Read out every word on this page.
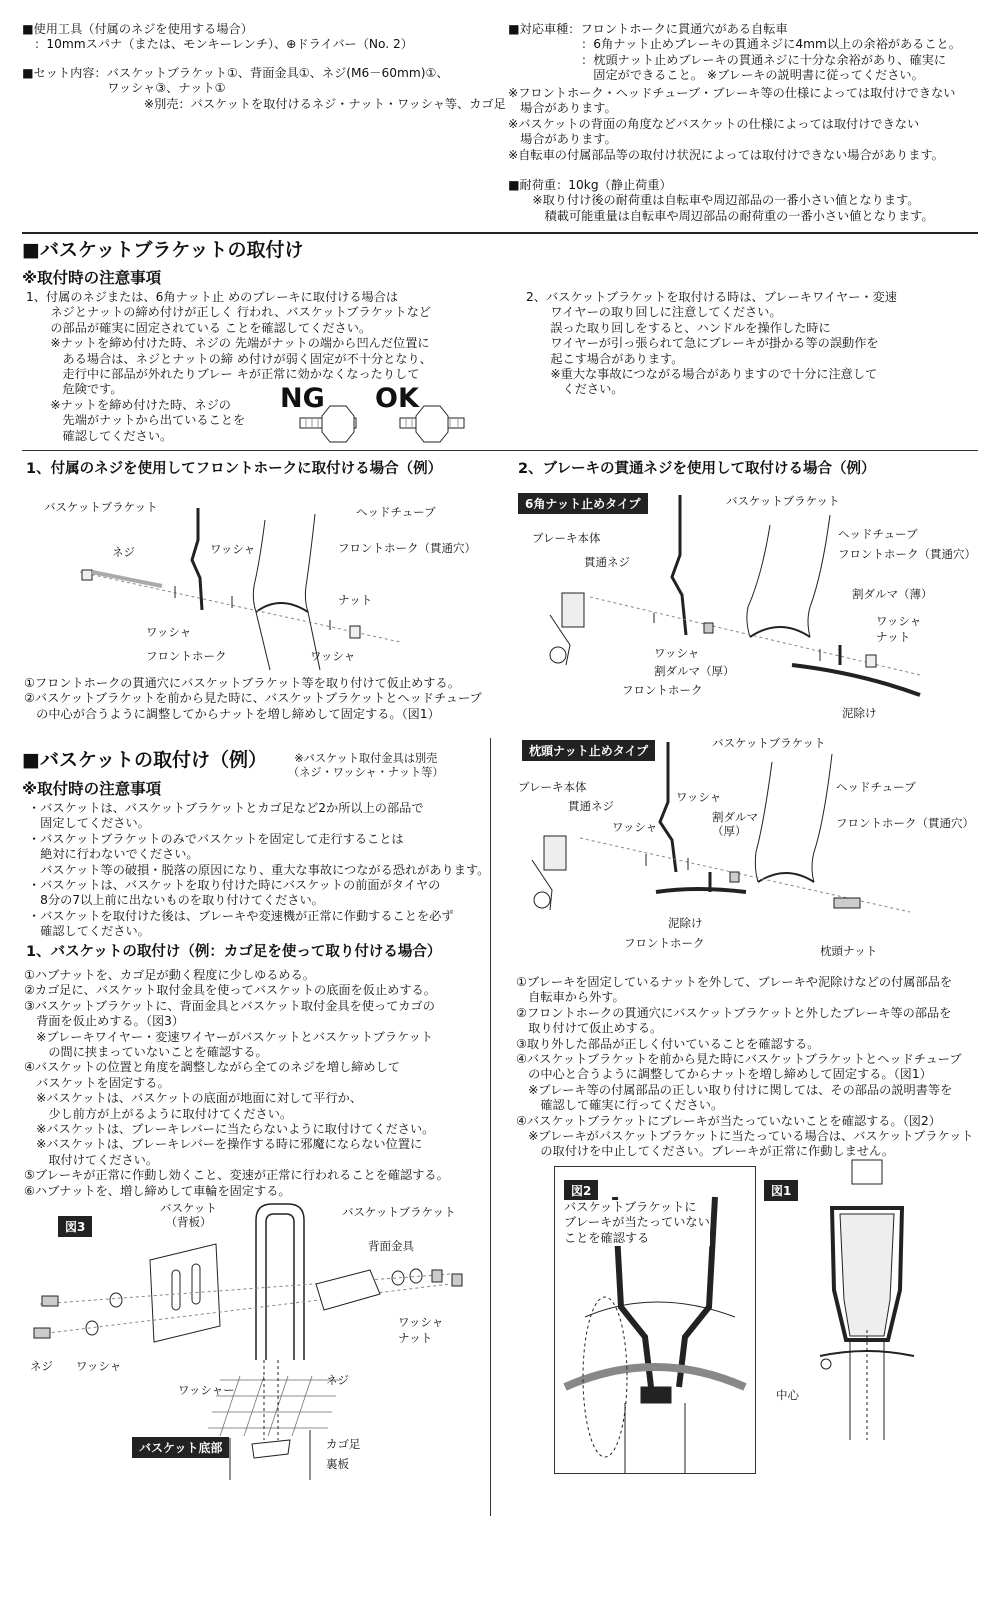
■使用工具（付属のネジを使用する場合）
　：10mmスパナ（または、モンキーレンチ）、⊕ドライバー（No. 2）
■セット内容：バスケットブラケット①、背面金具①、ネジ(M6－60mm)①、
　　　　　　　ワッシャ③、ナット①
　　　　　　　　　　※別売：バスケットを取付けるネジ・ナット・ワッシャ等、カゴ足
■対応車種：フロントホークに貫通穴がある自転車
　　　　　　：6角ナット止めブレーキの貫通ネジに4mm以上の余裕があること。
　　　　　　：枕頭ナット止めブレーキの貫通ネジに十分な余裕があり、確実に
　　　　　　　固定ができること。 ※ブレーキの説明書に従ってください。
※フロントホーク・ヘッドチューブ・ブレーキ等の仕様によっては取付けできない
　場合があります。
※バスケットの背面の角度などバスケットの仕様によっては取付けできない
　場合があります。
※自転車の付属部品等の取付け状況によっては取付けできない場合があります。
■耐荷重：10kg（静止荷重）
　　※取り付け後の耐荷重は自転車や周辺部品の一番小さい値となります。
　　　積載可能重量は自転車や周辺部品の耐荷重の一番小さい値となります。
■バスケットブラケットの取付け
※取付時の注意事項
1、付属のネジまたは、6角ナット止 めのブレーキに取付ける場合は
　　ネジとナットの締め付けが正しく 行われ、バスケットブラケットなど
　　の部品が確実に固定されている ことを確認してください。
　　※ナットを締め付けた時、ネジの 先端がナットの端から凹んだ位置に
　　　ある場合は、ネジとナットの締 め付けが弱く固定が不十分となり、
　　　走行中に部品が外れたりブレー キが正常に効かなくなったりして
　　　危険です。
　　※ナットを締め付けた時、ネジの
　　　先端がナットから出ていることを
　　　確認してください。
2、バスケットブラケットを取付ける時は、ブレーキワイヤー・変速
　　ワイヤーの取り回しに注意してください。
　　誤った取り回しをすると、ハンドルを操作した時に
　　ワイヤーが引っ張られて急にブレーキが掛かる等の誤動作を
　　起こす場合があります。
　　※重大な事故につながる場合がありますので十分に注意して
　　　ください。
NG OK
1、付属のネジを使用してフロントホークに取付ける場合（例）
バスケットブラケット	ヘッドチューブ
ネジ	ワッシャ	フロントホーク（貫通穴）
ナット
ワッシャ
フロントホーク	ワッシャ
①フロントホークの貫通穴にバスケットブラケット等を取り付けて仮止めする。
②バスケットブラケットを前から見た時に、バスケットブラケットとヘッドチューブ
　の中心が合うように調整してからナットを増し締めして固定する。（図1）
2、ブレーキの貫通ネジを使用して取付ける場合（例）
6角ナット止めタイプ	バスケットブラケット
ブレーキ本体	ヘッドチューブ
貫通ネジ
フロントホーク（貫通穴）
割ダルマ（薄）
ワッシャ
ナット
ワッシャ
割ダルマ（厚）
フロントホーク
泥除け
枕頭ナット止めタイプ
バスケットブラケット
ブレーキ本体	ヘッドチューブ
ワッシャ
貫通ネジ
割ダルマ
（厚）
ワッシャ	フロントホーク（貫通穴）
泥除け
フロントホーク
枕頭ナット
①ブレーキを固定しているナットを外して、ブレーキや泥除けなどの付属部品を
　自転車から外す。
②フロントホークの貫通穴にバスケットブラケットと外したブレーキ等の部品を
　取り付けて仮止めする。
③取り外した部品が正しく付いていることを確認する。
④バスケットブラケットを前から見た時にバスケットブラケットとヘッドチューブ
　の中心と合うように調整してからナットを増し締めして固定する。（図1）
　※ブレーキ等の付属部品の正しい取り付けに関しては、その部品の説明書等を
　　確認して確実に行ってください。
④バスケットブラケットにブレーキが当たっていないことを確認する。（図2）
　※ブレーキがバスケットブラケットに当たっている場合は、バスケットブラケット
　　の取付けを中止してください。ブレーキが正常に作動しません。
図2
バスケットブラケットに
ブレーキが当たっていない
ことを確認する
図1
中心
■バスケットの取付け（例）	※バスケット取付金具は別売
（ネジ・ワッシャ・ナット等）
※取付時の注意事項
・バスケットは、バスケットブラケットとカゴ足など2か所以上の部品で
　固定してください。
・バスケットブラケットのみでバスケットを固定して走行することは
　絶対に行わないでください。
　バスケット等の破損・脱落の原因になり、重大な事故につながる恐れがあります。
・バスケットは、バスケットを取り付けた時にバスケットの前面がタイヤの
　8分の7以上前に出ないものを取り付けてください。
・バスケットを取付けた後は、ブレーキや変速機が正常に作動することを必ず
　確認してください。
1、バスケットの取付け（例：カゴ足を使って取り付ける場合）
①ハブナットを、カゴ足が動く程度に少しゆるめる。
②カゴ足に、バスケット取付金具を使ってバスケットの底面を仮止めする。
③バスケットブラケットに、背面金具とバスケット取付金具を使ってカゴの
　背面を仮止めする。（図3）
　※ブレーキワイヤー・変速ワイヤーがバスケットとバスケットブラケット
　　の間に挟まっていないことを確認する。
④バスケットの位置と角度を調整しながら全てのネジを増し締めして
　バスケットを固定する。
　※バスケットは、バスケットの底面が地面に対して平行か、
　　少し前方が上がるように取付けてください。
　※バスケットは、ブレーキレバーに当たらないように取付けてください。
　※バスケットは、ブレーキレバーを操作する時に邪魔にならない位置に
　　取付けてください。
⑤ブレーキが正常に作動し効くこと、変速が正常に行われることを確認する。
⑥ハブナットを、増し締めして車輪を固定する。
図3
バスケット
（背板）
バスケットブラケット
背面金具
ワッシャ
ナット
ネジ ワッシャ
ワッシャー
ネジ
バスケット底部	カゴ足
裏板
